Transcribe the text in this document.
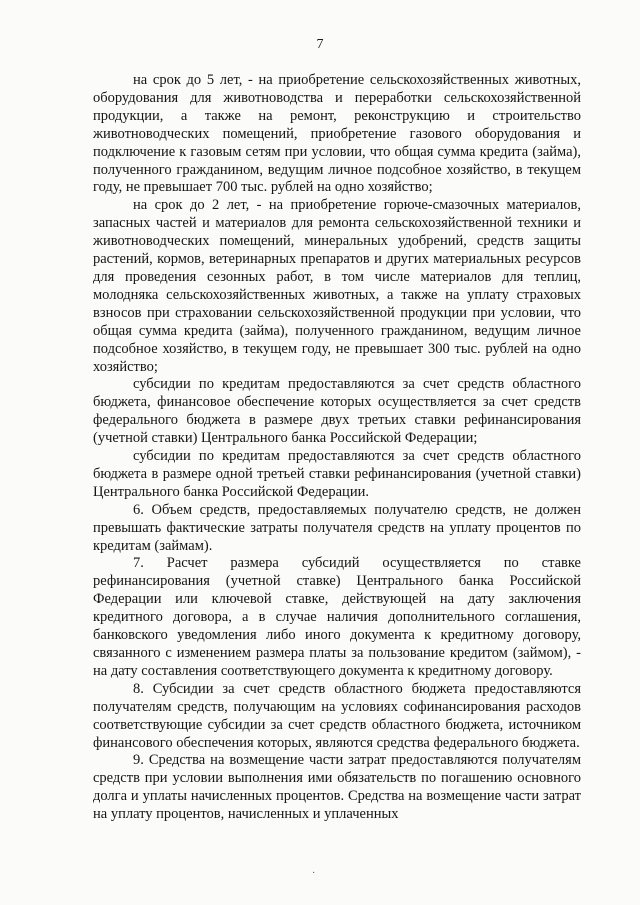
7

на срок до 5 лет, - на приобретение сельскохозяйственных животных, оборудования для животноводства и переработки сельскохозяйственной продукции, а также на ремонт, реконструкцию и строительство животноводческих помещений, приобретение газового оборудования и подключение к газовым сетям при условии, что общая сумма кредита (займа), полученного гражданином, ведущим личное подсобное хозяйство, в текущем году, не превышает 700 тыс. рублей на одно хозяйство;

на срок до 2 лет, - на приобретение горюче-смазочных материалов, запасных частей и материалов для ремонта сельскохозяйственной техники и животноводческих помещений, минеральных удобрений, средств защиты растений, кормов, ветеринарных препаратов и других материальных ресурсов для проведения сезонных работ, в том числе материалов для теплиц, молодняка сельскохозяйственных животных, а также на уплату страховых взносов при страховании сельскохозяйственной продукции при условии, что общая сумма кредита (займа), полученного гражданином, ведущим личное подсобное хозяйство, в текущем году, не превышает 300 тыс. рублей на одно хозяйство;

субсидии по кредитам предоставляются за счет средств областного бюджета, финансовое обеспечение которых осуществляется за счет средств федерального бюджета в размере двух третьих ставки рефинансирования (учетной ставки) Центрального банка Российской Федерации;

субсидии по кредитам предоставляются за счет средств областного бюджета в размере одной третьей ставки рефинансирования (учетной ставки) Центрального банка Российской Федерации.

6. Объем средств, предоставляемых получателю средств, не должен превышать фактические затраты получателя средств на уплату процентов по кредитам (займам).

7. Расчет размера субсидий осуществляется по ставке рефинансирования (учетной ставке) Центрального банка Российской Федерации или ключевой ставке, действующей на дату заключения кредитного договора, а в случае наличия дополнительного соглашения, банковского уведомления либо иного документа к кредитному договору, связанного с изменением размера платы за пользование кредитом (займом), - на дату составления соответствующего документа к кредитному договору.

8. Субсидии за счет средств областного бюджета предоставляются получателям средств, получающим на условиях софинансирования расходов соответствующие субсидии за счет средств областного бюджета, источником финансового обеспечения которых, являются средства федерального бюджета.

9. Средства на возмещение части затрат предоставляются получателям средств при условии выполнения ими обязательств по погашению основного долга и уплаты начисленных процентов. Средства на возмещение части затрат на уплату процентов, начисленных и уплаченных

·
